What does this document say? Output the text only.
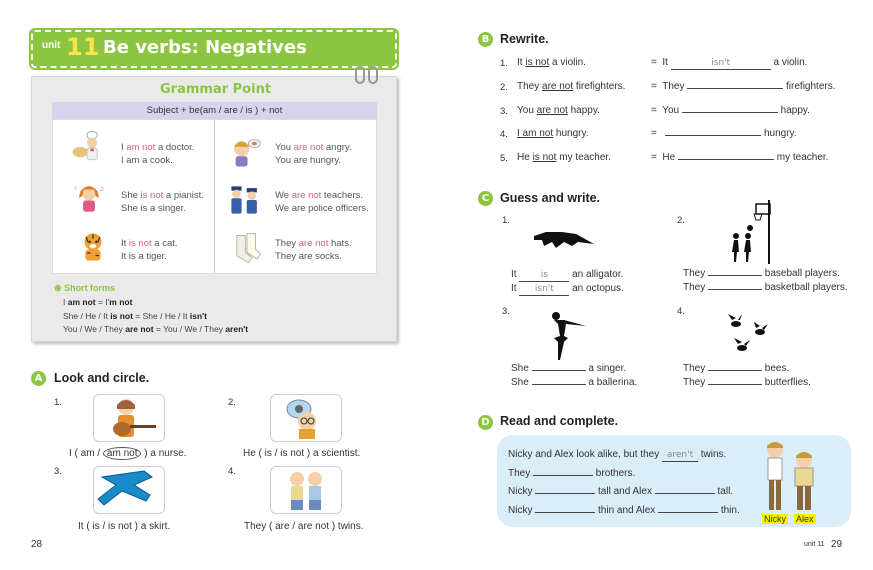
unit 11 Be verbs: Negatives
Grammar Point
Subject + be(am / are / is ) + not
I am not a doctor.
I am a cook.
You are not angry.
You are hungry.
♪	♫
She is not a pianist.
She is a singer.
We are not teachers.
We are police officers.
It is not a cat.
It is a tiger.
They are not hats.
They are socks.
❀ Short forms
I am not = I'm not
She / He / It is not = She / He / It isn't
You / We / They are not = You / We / They aren't
A Look and circle.
1.
I ( am / am not ) a nurse.
2.
He ( is / is not ) a scientist.
3.
It ( is / is not ) a skirt.
4.
They ( are / are not ) twins.
28
B Rewrite.
1. It is not a violin.	= It	isn't	a violin.
2. They are not firefighters.	= They	firefighters.
3. You are not happy.	= You	happy.
4. I am not hungry.	=	hungry.
5. He is not my teacher.	= He	my teacher.
C Guess and write.
1.
It	is an alligator.
It isn't an octopus.
2.
They	baseball players.
They	basketball players.
3.
She	a singer.
She	a ballerina.
4.
They	bees.
They	butterflies.
D Read and complete.
Nicky and Alex look alike, but they aren't twins.
They	brothers.
Nicky	tall and Alex	tall.
Nicky	thin and Alex	thin.
Nicky Alex
unit 11 29
